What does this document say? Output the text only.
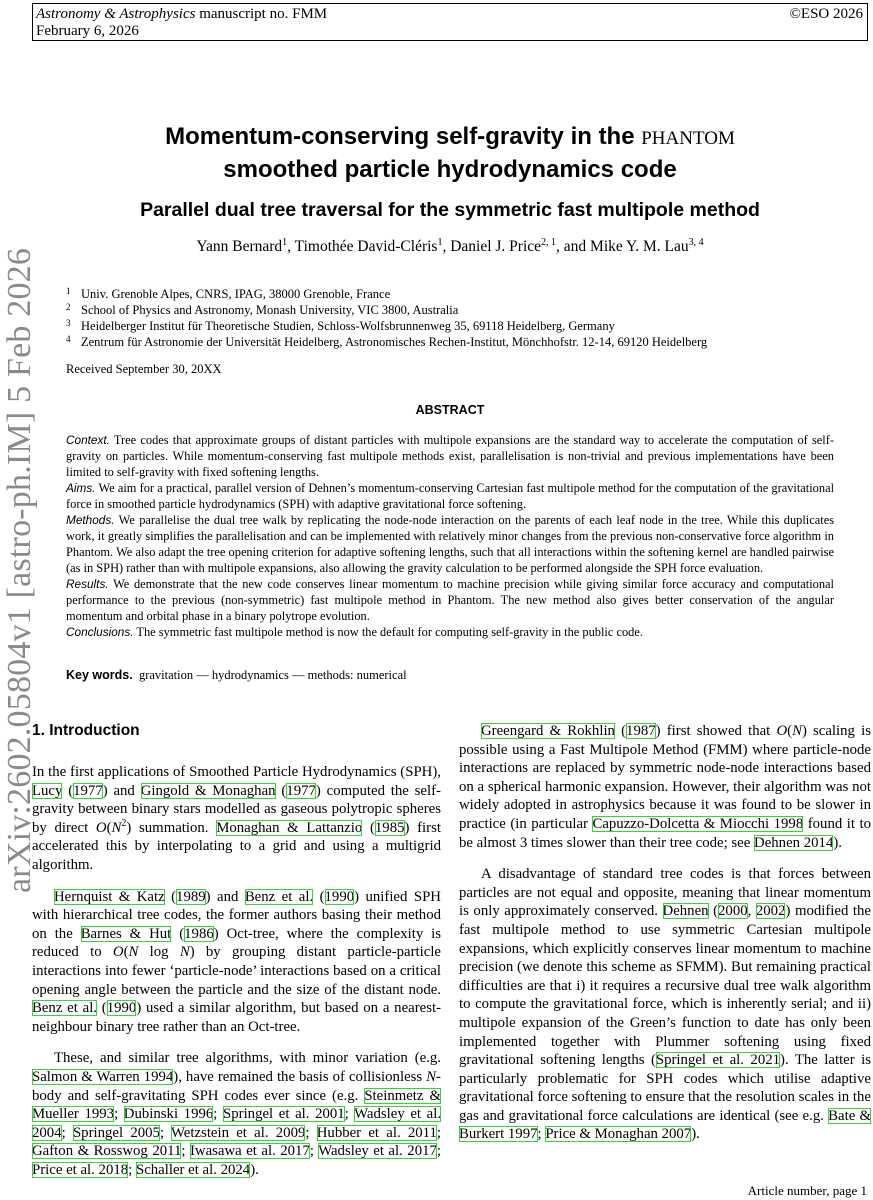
Astronomy & Astrophysics manuscript no. FMM
February 6, 2026
©ESO 2026
arXiv:2602.05804v1 [astro-ph.IM] 5 Feb 2026
Momentum-conserving self-gravity in the PHANTOM
smoothed particle hydrodynamics code
Parallel dual tree traversal for the symmetric fast multipole method
Yann Bernard$^1$, Timothée David-Cléris$^1$, Daniel J. Price$^{2, 1}$, and Mike Y. M. Lau$^{3, 4}$
1 Univ. Grenoble Alpes, CNRS, IPAG, 38000 Grenoble, France
2 School of Physics and Astronomy, Monash University, VIC 3800, Australia
3 Heidelberger Institut für Theoretische Studien, Schloss-Wolfsbrunnenweg 35, 69118 Heidelberg, Germany
4 Zentrum für Astronomie der Universität Heidelberg, Astronomisches Rechen-Institut, Mönchhofstr. 12-14, 69120 Heidelberg
Received September 30, 20XX
ABSTRACT

Context. Tree codes that approximate groups of distant particles with multipole expansions are the standard way to accelerate the computation of self-gravity on particles. While momentum-conserving fast multipole methods exist, parallelisation is non-trivial and previous implementations have been limited to self-gravity with fixed softening lengths.

Aims. We aim for a practical, parallel version of Dehnen’s momentum-conserving Cartesian fast multipole method for the computation of the gravitational force in smoothed particle hydrodynamics (SPH) with adaptive gravitational force softening.

Methods. We parallelise the dual tree walk by replicating the node-node interaction on the parents of each leaf node in the tree. While this duplicates work, it greatly simplifies the parallelisation and can be implemented with relatively minor changes from the previous non-conservative force algorithm in Phantom. We also adapt the tree opening criterion for adaptive softening lengths, such that all interactions within the softening kernel are handled pairwise (as in SPH) rather than with multipole expansions, also allowing the gravity calculation to be performed alongside the SPH force evaluation.

Results. We demonstrate that the new code conserves linear momentum to machine precision while giving similar force accuracy and computational performance to the previous (non-symmetric) fast multipole method in Phantom. The new method also gives better conservation of the angular momentum and orbital phase in a binary polytrope evolution.

Conclusions. The symmetric fast multipole method is now the default for computing self-gravity in the public code.

Key words. gravitation — hydrodynamics — methods: numerical
1. Introduction

In the first applications of Smoothed Particle Hydrodynamics (SPH), Lucy (1977) and Gingold & Monaghan (1977) computed the self-gravity between binary stars modelled as gaseous polytropic spheres by direct $O(N^2)$ summation. Monaghan & Lattanzio (1985) first accelerated this by interpolating to a grid and using a multigrid algorithm.

Hernquist & Katz (1989) and Benz et al. (1990) unified SPH with hierarchical tree codes, the former authors basing their method on the Barnes & Hut (1986) Oct-tree, where the complexity is reduced to O(N log N) by grouping distant particle-particle interactions into fewer ‘particle-node’ interactions based on a critical opening angle between the particle and the size of the distant node. Benz et al. (1990) used a similar algorithm, but based on a nearest-neighbour binary tree rather than an Oct-tree.

These, and similar tree algorithms, with minor variation (e.g. Salmon & Warren 1994), have remained the basis of collisionless N-body and self-gravitating SPH codes ever since (e.g. Steinmetz & Mueller 1993; Dubinski 1996; Springel et al. 2001; Wadsley et al. 2004; Springel 2005; Wetzstein et al. 2009; Hubber et al. 2011; Gafton & Rosswog 2011; Iwasawa et al. 2017; Wadsley et al. 2017; Price et al. 2018; Schaller et al. 2024).

Greengard & Rokhlin (1987) first showed that O(N) scaling is possible using a Fast Multipole Method (FMM) where particle-node interactions are replaced by symmetric node-node interactions based on a spherical harmonic expansion. However, their algorithm was not widely adopted in astrophysics because it was found to be slower in practice (in particular Capuzzo-Dolcetta & Miocchi 1998 found it to be almost 3 times slower than their tree code; see Dehnen 2014).

A disadvantage of standard tree codes is that forces between particles are not equal and opposite, meaning that linear momentum is only approximately conserved. Dehnen (2000, 2002) modified the fast multipole method to use symmetric Cartesian multipole expansions, which explicitly conserves linear momentum to machine precision (we denote this scheme as SFMM). But remaining practical difficulties are that i) it requires a recursive dual tree walk algorithm to compute the gravitational force, which is inherently serial; and ii) multipole expansion of the Green’s function to date has only been implemented together with Plummer softening using fixed gravitational softening lengths (Springel et al. 2021). The latter is particularly problematic for SPH codes which utilise adaptive gravitational force softening to ensure that the resolution scales in the gas and gravitational force calculations are identical (see e.g. Bate & Burkert 1997; Price & Monaghan 2007).

Article number, page 1
